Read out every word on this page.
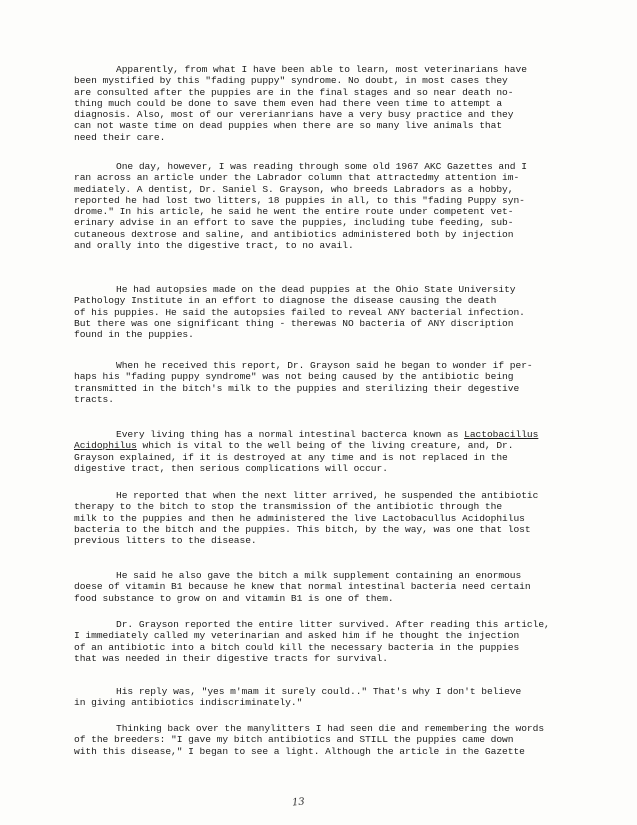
Apparently, from what I have been able to learn, most veterinarians have
been mystified by this "fading puppy" syndrome. No doubt, in most cases they
are consulted after the puppies are in the final stages and so near death no-
thing much could be done to save them even had there veen time to attempt a
diagnosis. Also, most of our vererianrians have a very busy practice and they
can not waste time on dead puppies when there are so many live animals that
need their care.

One day, however, I was reading through some old 1967 AKC Gazettes and I
ran across an article under the Labrador column that attractedmy attention im-
mediately. A dentist, Dr. Saniel S. Grayson, who breeds Labradors as a hobby,
reported he had lost two litters, 18 puppies in all, to this "fading Puppy syn-
drome." In his article, he said he went the entire route under competent vet-
erinary advise in an effort to save the puppies, including tube feeding, sub-
cutaneous dextrose and saline, and antibiotics administered both by injection
and orally into the digestive tract, to no avail.

He had autopsies made on the dead puppies at the Ohio State University
Pathology Institute in an effort to diagnose the disease causing the death
of his puppies. He said the autopsies failed to reveal ANY bacterial infection.
But there was one significant thing - therewas NO bacteria of ANY discription
found in the puppies.

When he received this report, Dr. Grayson said he began to wonder if per-
haps his "fading puppy syndrome" was not being caused by the antibiotic being
transmitted in the bitch's milk to the puppies and sterilizing their degestive
tracts.

Every living thing has a normal intestinal bacterca known as Lactobacillus
Acidophilus which is vital to the well being of the living creature, and, Dr.
Grayson explained, if it is destroyed at any time and is not replaced in the
digestive tract, then serious complications will occur.

He reported that when the next litter arrived, he suspended the antibiotic
therapy to the bitch to stop the transmission of the antibiotic through the
milk to the puppies and then he administered the live Lactobacullus Acidophilus
bacteria to the bitch and the puppies. This bitch, by the way, was one that lost
previous litters to the disease.

He said he also gave the bitch a milk supplement containing an enormous
doese of vitamin B1 because he knew that normal intestinal bacteria need certain
food substance to grow on and vitamin B1 is one of them.

Dr. Grayson reported the entire litter survived. After reading this article,
I immediately called my veterinarian and asked him if he thought the injection
of an antibiotic into a bitch could kill the necessary bacteria in the puppies
that was needed in their digestive tracts for survival.

His reply was, "yes m'mam it surely could.." That's why I don't believe
in giving antibiotics indiscriminately."

Thinking back over the manylitters I had seen die and remembering the words
of the breeders: "I gave my bitch antibiotics and STILL the puppies came down
with this disease," I began to see a light. Although the article in the Gazette

13
